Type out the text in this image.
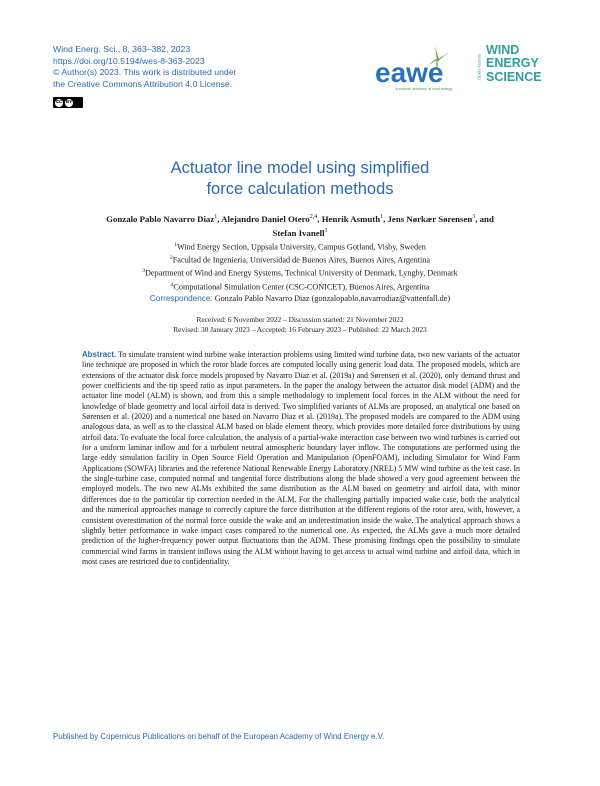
Wind Energ. Sci., 8, 363–382, 2023
https://doi.org/10.5194/wes-8-363-2023
© Author(s) 2023. This work is distributed under
the Creative Commons Attribution 4.0 License.
cc BY
eawe
european academy of wind energy
Open Access
WIND
ENERGY
SCIENCE
Actuator line model using simplified
force calculation methods
Gonzalo Pablo Navarro Diaz$^1$, Alejandro Daniel Otero$^{2,4}$, Henrik Asmuth$^1$, Jens Nørkær Sørensen$^3$, and
Stefan Ivanell$^1$
$^1$Wind Energy Section, Uppsala University, Campus Gotland, Visby, Sweden
$^2$Facultad de Ingeniería, Universidad de Buenos Aires, Buenos Aires, Argentina
$^3$Department of Wind and Energy Systems, Technical University of Denmark, Lyngby, Denmark
$^4$Computational Simulation Center (CSC-CONICET), Buenos Aires, Argentina
Correspondence: Gonzalo Pablo Navarro Diaz (gonzalopablo.navarrodiaz@vattenfall.de)
Received: 6 November 2022 – Discussion started: 21 November 2022
Revised: 30 January 2023 – Accepted: 16 February 2023 – Published: 22 March 2023
Abstract. To simulate transient wind turbine wake interaction problems using limited wind turbine data, two new variants of the actuator line technique are proposed in which the rotor blade forces are computed locally using generic load data. The proposed models, which are extensions of the actuator disk force models proposed by Navarro Diaz et al. (2019a) and Sørensen et al. (2020), only demand thrust and power coefficients and the tip speed ratio as input parameters. In the paper the analogy between the actuator disk model (ADM) and the actuator line model (ALM) is shown, and from this a simple methodology to implement local forces in the ALM without the need for knowledge of blade geometry and local airfoil data is derived. Two simplified variants of ALMs are proposed, an analytical one based on Sørensen et al. (2020) and a numerical one based on Navarro Diaz et al. (2019a). The proposed models are compared to the ADM using analogous data, as well as to the classical ALM based on blade element theory, which provides more detailed force distributions by using airfoil data. To evaluate the local force calculation, the analysis of a partial-wake interaction case between two wind turbines is carried out for a uniform laminar inflow and for a turbulent neutral atmospheric boundary layer inflow. The computations are performed using the large eddy simulation facility in Open Source Field Operation and Manipulation (OpenFOAM), including Simulator for Wind Farm Applications (SOWFA) libraries and the reference National Renewable Energy Laboratory (NREL) 5 MW wind turbine as the test case. In the single-turbine case, computed normal and tangential force distributions along the blade showed a very good agreement between the employed models. The two new ALMs exhibited the same distribution as the ALM based on geometry and airfoil data, with minor differences due to the particular tip correction needed in the ALM. For the challenging partially impacted wake case, both the analytical and the numerical approaches manage to correctly capture the force distribution at the different regions of the rotor area, with, however, a consistent overestimation of the normal force outside the wake and an underestimation inside the wake. The analytical approach shows a slightly better performance in wake impact cases compared to the numerical one. As expected, the ALMs gave a much more detailed prediction of the higher-frequency power output fluctuations than the ADM. These promising findings open the possibility to simulate commercial wind farms in transient inflows using the ALM without having to get access to actual wind turbine and airfoil data, which in most cases are restricted due to confidentiality.
Published by Copernicus Publications on behalf of the European Academy of Wind Energy e.V.
